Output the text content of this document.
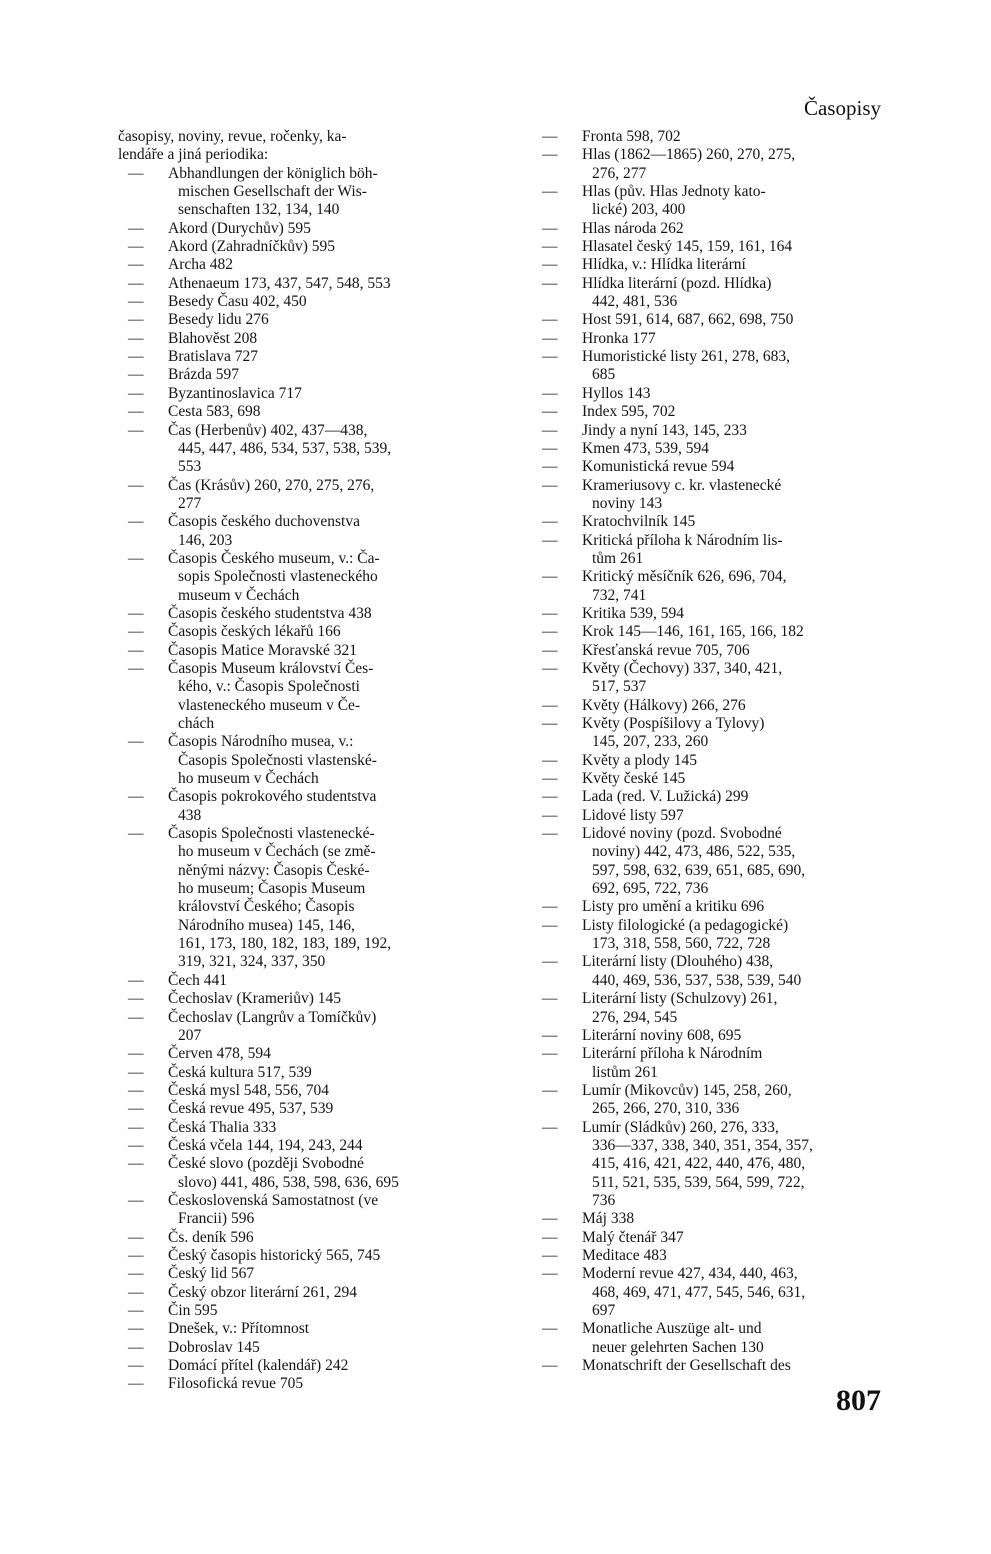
Časopisy
časopisy, noviny, revue, ročenky, ka-
lendáře a jiná periodika:
— Abhandlungen der königlich böh-
mischen Gesellschaft der Wis-
senschaften 132, 134, 140
— Akord (Durychův) 595
— Akord (Zahradníčkův) 595
— Archa 482
— Athenaeum 173, 437, 547, 548, 553
— Besedy Času 402, 450
— Besedy lidu 276
— Blahověst 208
— Bratislava 727
— Brázda 597
— Byzantinoslavica 717
— Cesta 583, 698
— Čas (Herbenův) 402, 437—438,
445, 447, 486, 534, 537, 538, 539,
553
— Čas (Krásův) 260, 270, 275, 276,
277
— Časopis českého duchovenstva
146, 203
— Časopis Českého museum, v.: Ča-
sopis Společnosti vlasteneckého
museum v Čechách
— Časopis českého studentstva 438
— Časopis českých lékařů 166
— Časopis Matice Moravské 321
— Časopis Museum království Čes-
kého, v.: Časopis Společnosti
vlasteneckého museum v Če-
chách
— Časopis Národního musea, v.:
Časopis Společnosti vlastenské-
ho museum v Čechách
— Časopis pokrokového studentstva
438
— Časopis Společnosti vlastenecké-
ho museum v Čechách (se změ-
něnými názvy: Časopis České-
ho museum; Časopis Museum
království Českého; Časopis
Národního musea) 145, 146,
161, 173, 180, 182, 183, 189, 192,
319, 321, 324, 337, 350
— Čech 441
— Čechoslav (Krameriův) 145
— Čechoslav (Langrův a Tomíčkův)
207
— Červen 478, 594
— Česká kultura 517, 539
— Česká mysl 548, 556, 704
— Česká revue 495, 537, 539
— Česká Thalia 333
— Česká včela 144, 194, 243, 244
— České slovo (později Svobodné
slovo) 441, 486, 538, 598, 636, 695
— Československá Samostatnost (ve
Francii) 596
— Čs. deník 596
— Český časopis historický 565, 745
— Český lid 567
— Český obzor literární 261, 294
— Čin 595
— Dnešek, v.: Přítomnost
— Dobroslav 145
— Domácí přítel (kalendář) 242
— Filosofická revue 705
— Fronta 598, 702
— Hlas (1862—1865) 260, 270, 275,
276, 277
— Hlas (pův. Hlas Jednoty kato-
lické) 203, 400
— Hlas národa 262
— Hlasatel český 145, 159, 161, 164
— Hlídka, v.: Hlídka literární
— Hlídka literární (pozd. Hlídka)
442, 481, 536
— Host 591, 614, 687, 662, 698, 750
— Hronka 177
— Humoristické listy 261, 278, 683,
685
— Hyllos 143
— Index 595, 702
— Jindy a nyní 143, 145, 233
— Kmen 473, 539, 594
— Komunistická revue 594
— Krameriusovy c. kr. vlastenecké
noviny 143
— Kratochvilník 145
— Kritická příloha k Národním lis-
tům 261
— Kritický měsíčník 626, 696, 704,
732, 741
— Kritika 539, 594
— Krok 145—146, 161, 165, 166, 182
— Křesťanská revue 705, 706
— Květy (Čechovy) 337, 340, 421,
517, 537
— Květy (Hálkovy) 266, 276
— Květy (Pospíšilovy a Tylovy)
145, 207, 233, 260
— Květy a plody 145
— Květy české 145
— Lada (red. V. Lužická) 299
— Lidové listy 597
— Lidové noviny (pozd. Svobodné
noviny) 442, 473, 486, 522, 535,
597, 598, 632, 639, 651, 685, 690,
692, 695, 722, 736
— Listy pro umění a kritiku 696
— Listy filologické (a pedagogické)
173, 318, 558, 560, 722, 728
— Literární listy (Dlouhého) 438,
440, 469, 536, 537, 538, 539, 540
— Literární listy (Schulzovy) 261,
276, 294, 545
— Literární noviny 608, 695
— Literární příloha k Národním
listům 261
— Lumír (Mikovcův) 145, 258, 260,
265, 266, 270, 310, 336
— Lumír (Sládkův) 260, 276, 333,
336—337, 338, 340, 351, 354, 357,
415, 416, 421, 422, 440, 476, 480,
511, 521, 535, 539, 564, 599, 722,
736
— Máj 338
— Malý čtenář 347
— Meditace 483
— Moderní revue 427, 434, 440, 463,
468, 469, 471, 477, 545, 546, 631,
697
— Monatliche Auszüge alt- und
neuer gelehrten Sachen 130
— Monatschrift der Gesellschaft des
807
